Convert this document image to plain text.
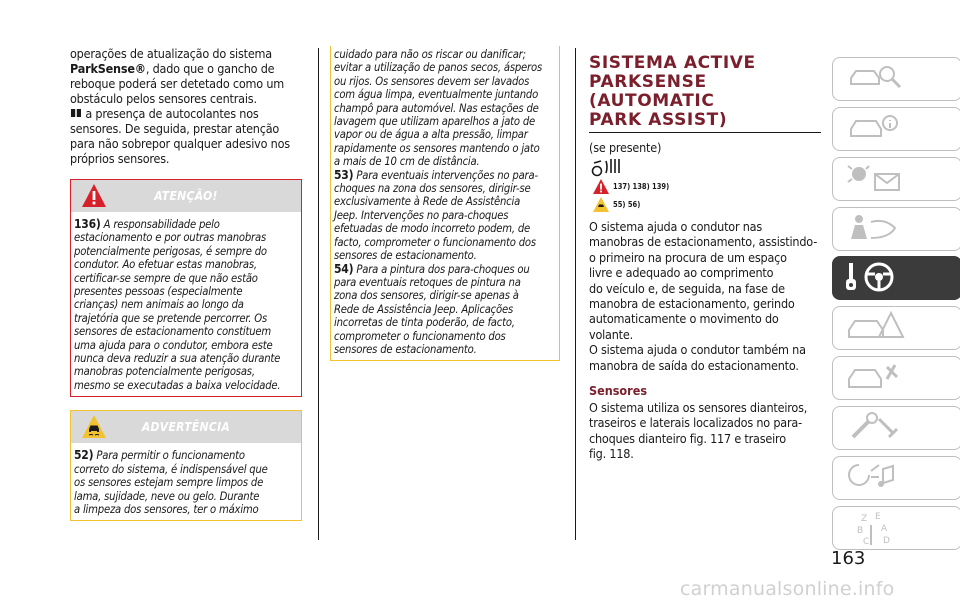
operações de atualização do sistema
ParkSense®, dado que o gancho de
reboque poderá ser detetado como um
obstáculo pelos sensores centrais.

a presença de autocolantes nos
sensores. De seguida, prestar atenção
para não sobrepor qualquer adesivo nos
próprios sensores.

ATENÇÃO!
136) A responsabilidade pelo
estacionamento e por outras manobras
potencialmente perigosas, é sempre do
condutor. Ao efetuar estas manobras,
certificar-se sempre de que não estão
presentes pessoas (especialmente
crianças) nem animais ao longo da
trajetória que se pretende percorrer. Os
sensores de estacionamento constituem
uma ajuda para o condutor, embora este
nunca deva reduzir a sua atenção durante
manobras potencialmente perigosas,
mesmo se executadas a baixa velocidade.

ADVERTÊNCIA
52) Para permitir o funcionamento
correto do sistema, é indispensável que
os sensores estejam sempre limpos de
lama, sujidade, neve ou gelo. Durante
a limpeza dos sensores, ter o máximo

cuidado para não os riscar ou danificar;
evitar a utilização de panos secos, ásperos
ou rijos. Os sensores devem ser lavados
com água limpa, eventualmente juntando
champô para automóvel. Nas estações de
lavagem que utilizam aparelhos a jato de
vapor ou de água a alta pressão, limpar
rapidamente os sensores mantendo o jato
a mais de 10 cm de distância.
53) Para eventuais intervenções no para-
choques na zona dos sensores, dirigir-se
exclusivamente à Rede de Assistência
Jeep. Intervenções no para-choques
efetuadas de modo incorreto podem, de
facto, comprometer o funcionamento dos
sensores de estacionamento.
54) Para a pintura dos para-choques ou
para eventuais retoques de pintura na
zona dos sensores, dirigir-se apenas à
Rede de Assistência Jeep. Aplicações
incorretas de tinta poderão, de facto,
comprometer o funcionamento dos
sensores de estacionamento.

SISTEMA ACTIVE

PARKSENSE (AUTOMATIC

PARK ASSIST)

(se presente)

137) 138) 139)
55) 56)

O sistema ajuda o condutor nas
manobras de estacionamento, assistindo-
o primeiro na procura de um espaço
livre e adequado ao comprimento
do veículo e, de seguida, na fase de
manobra de estacionamento, gerindo
automaticamente o movimento do
volante.
O sistema ajuda o condutor também na
manobra de saída do estacionamento.

Sensores

O sistema utiliza os sensores dianteiros,
traseiros e laterais localizados no para-
choques dianteiro fig. 117 e traseiro
fig. 118.

Z E
B A
C D
163
carmanualsonline.info
